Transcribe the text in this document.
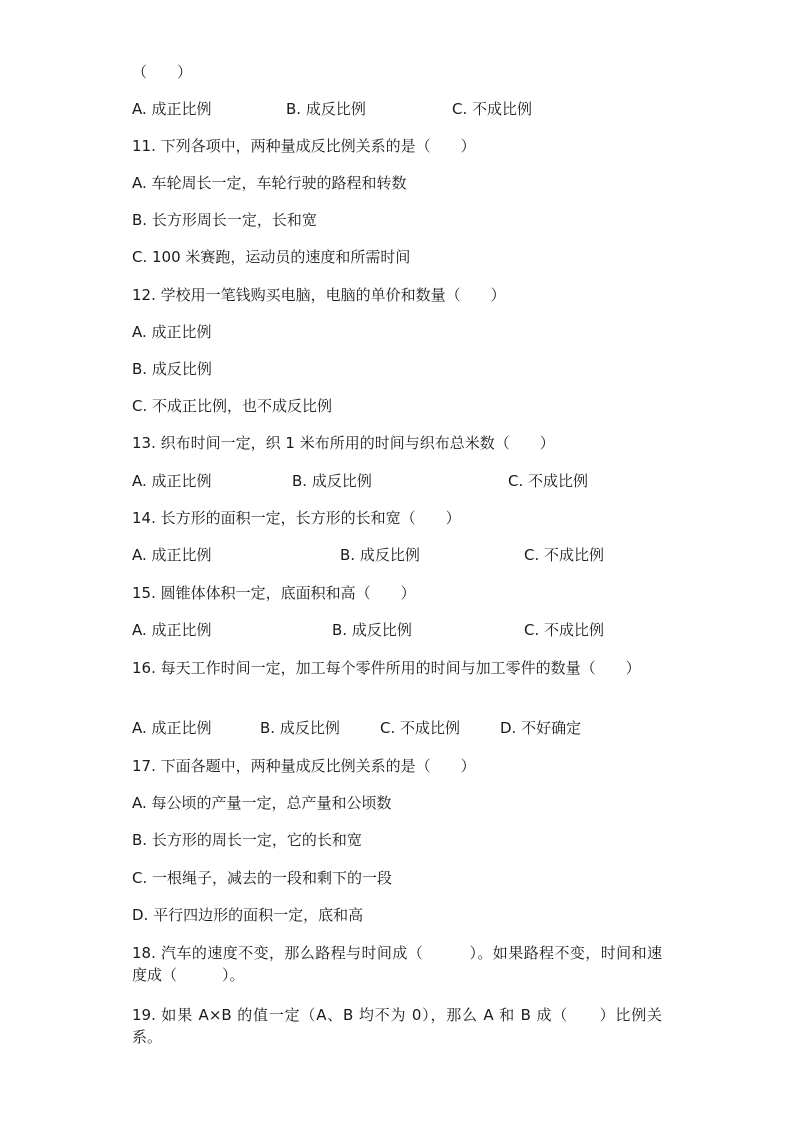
（　　）
A. 成正比例	B. 成反比例	C. 不成比例
11. 下列各项中，两种量成反比例关系的是（　　）
A. 车轮周长一定，车轮行驶的路程和转数
B. 长方形周长一定，长和宽
C. 100 米赛跑，运动员的速度和所需时间
12. 学校用一笔钱购买电脑，电脑的单价和数量（　　）
A. 成正比例
B. 成反比例
C. 不成正比例，也不成反比例
13. 织布时间一定，织 1 米布所用的时间与织布总米数（　　）
A. 成正比例	B. 成反比例	C. 不成比例
14. 长方形的面积一定，长方形的长和宽（　　）
A. 成正比例	B. 成反比例	C. 不成比例
15. 圆锥体体积一定，底面积和高（　　）
A. 成正比例	B. 成反比例	C. 不成比例
16. 每天工作时间一定，加工每个零件所用的时间与加工零件的数量（　　）
A. 成正比例	B. 成反比例	C. 不成比例	D. 不好确定
17. 下面各题中，两种量成反比例关系的是（　　）
A. 每公顷的产量一定，总产量和公顷数
B. 长方形的周长一定，它的长和宽
C. 一根绳子，减去的一段和剩下的一段
D. 平行四边形的面积一定，底和高
18. 汽车的速度不变，那么路程与时间成（　　　）。如果路程不变，时间和速度成（　　　）。
19. 如果 A×B 的值一定（A、B 均不为 0），那么 A 和 B 成（　　）比例关系。
